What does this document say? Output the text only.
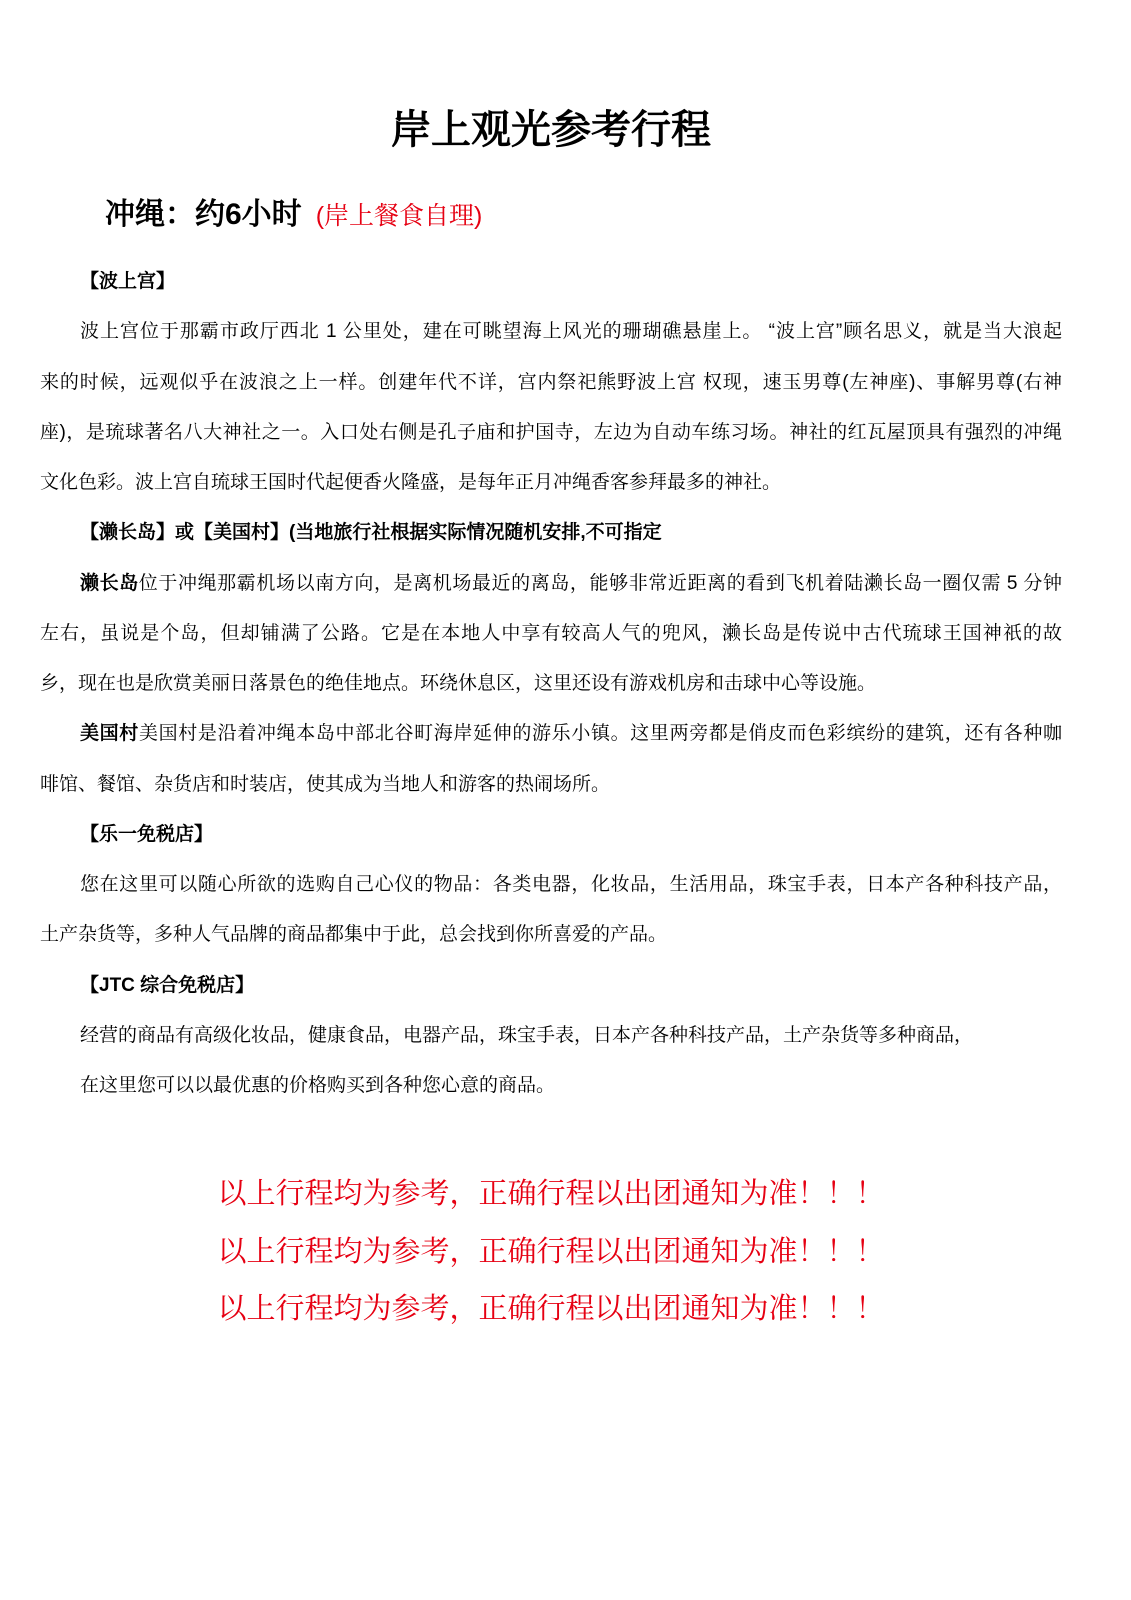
岸上观光参考行程
冲绳：约6小时 (岸上餐食自理)
【波上宫】
波上宫位于那霸市政厅西北 1 公里处，建在可眺望海上风光的珊瑚礁悬崖上。 “波上宫”顾名思义，就是当大浪起
来的时候，远观似乎在波浪之上一样。创建年代不详，宫内祭祀熊野波上宫 权现，速玉男尊(左神座)、事解男尊(右神
座)，是琉球著名八大神社之一。入口处右侧是孔子庙和护国寺，左边为自动车练习场。神社的红瓦屋顶具有强烈的冲绳
文化色彩。波上宫自琉球王国时代起便香火隆盛，是每年正月冲绳香客参拜最多的神社。
【濑长岛】或【美国村】(当地旅行社根据实际情况随机安排,不可指定
濑长岛位于冲绳那霸机场以南方向，是离机场最近的离岛，能够非常近距离的看到飞机着陆濑长岛一圈仅需 5 分钟
左右，虽说是个岛，但却铺满了公路。它是在本地人中享有较高人气的兜风，濑长岛是传说中古代琉球王国神祇的故
乡，现在也是欣赏美丽日落景色的绝佳地点。环绕休息区，这里还设有游戏机房和击球中心等设施。
美国村美国村是沿着冲绳本岛中部北谷町海岸延伸的游乐小镇。这里两旁都是俏皮而色彩缤纷的建筑，还有各种咖
啡馆、餐馆、杂货店和时装店，使其成为当地人和游客的热闹场所。
【乐一免税店】
您在这里可以随心所欲的选购自己心仪的物品：各类电器，化妆品，生活用品，珠宝手表，日本产各种科技产品，
土产杂货等，多种人气品牌的商品都集中于此，总会找到你所喜爱的产品。
【JTC 综合免税店】
经营的商品有高级化妆品，健康食品，电器产品，珠宝手表，日本产各种科技产品，土产杂货等多种商品，
在这里您可以以最优惠的价格购买到各种您心意的商品。
以上行程均为参考，正确行程以出团通知为准！！！
以上行程均为参考，正确行程以出团通知为准！！！
以上行程均为参考，正确行程以出团通知为准！！！
